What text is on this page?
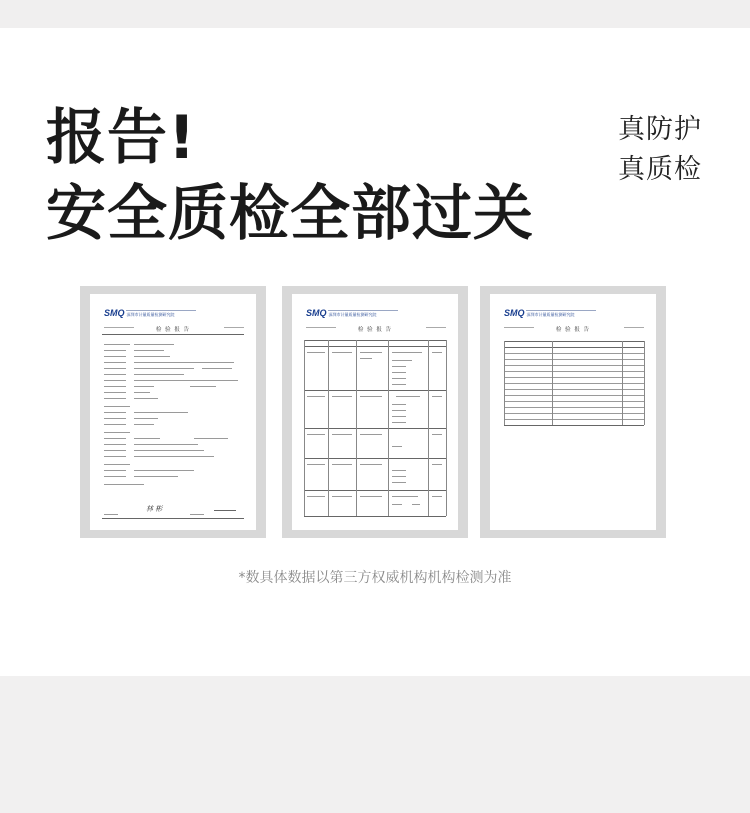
报告!
安全质检全部过关
真防护
真质检
SMQ 深圳市计量质量检测研究院
检 验 报 告
林 彬
SMQ 深圳市计量质量检测研究院
检 验 报 告
SMQ 深圳市计量质量检测研究院
检 验 报 告
*数具体数据以第三方权威机构机构检测为准
